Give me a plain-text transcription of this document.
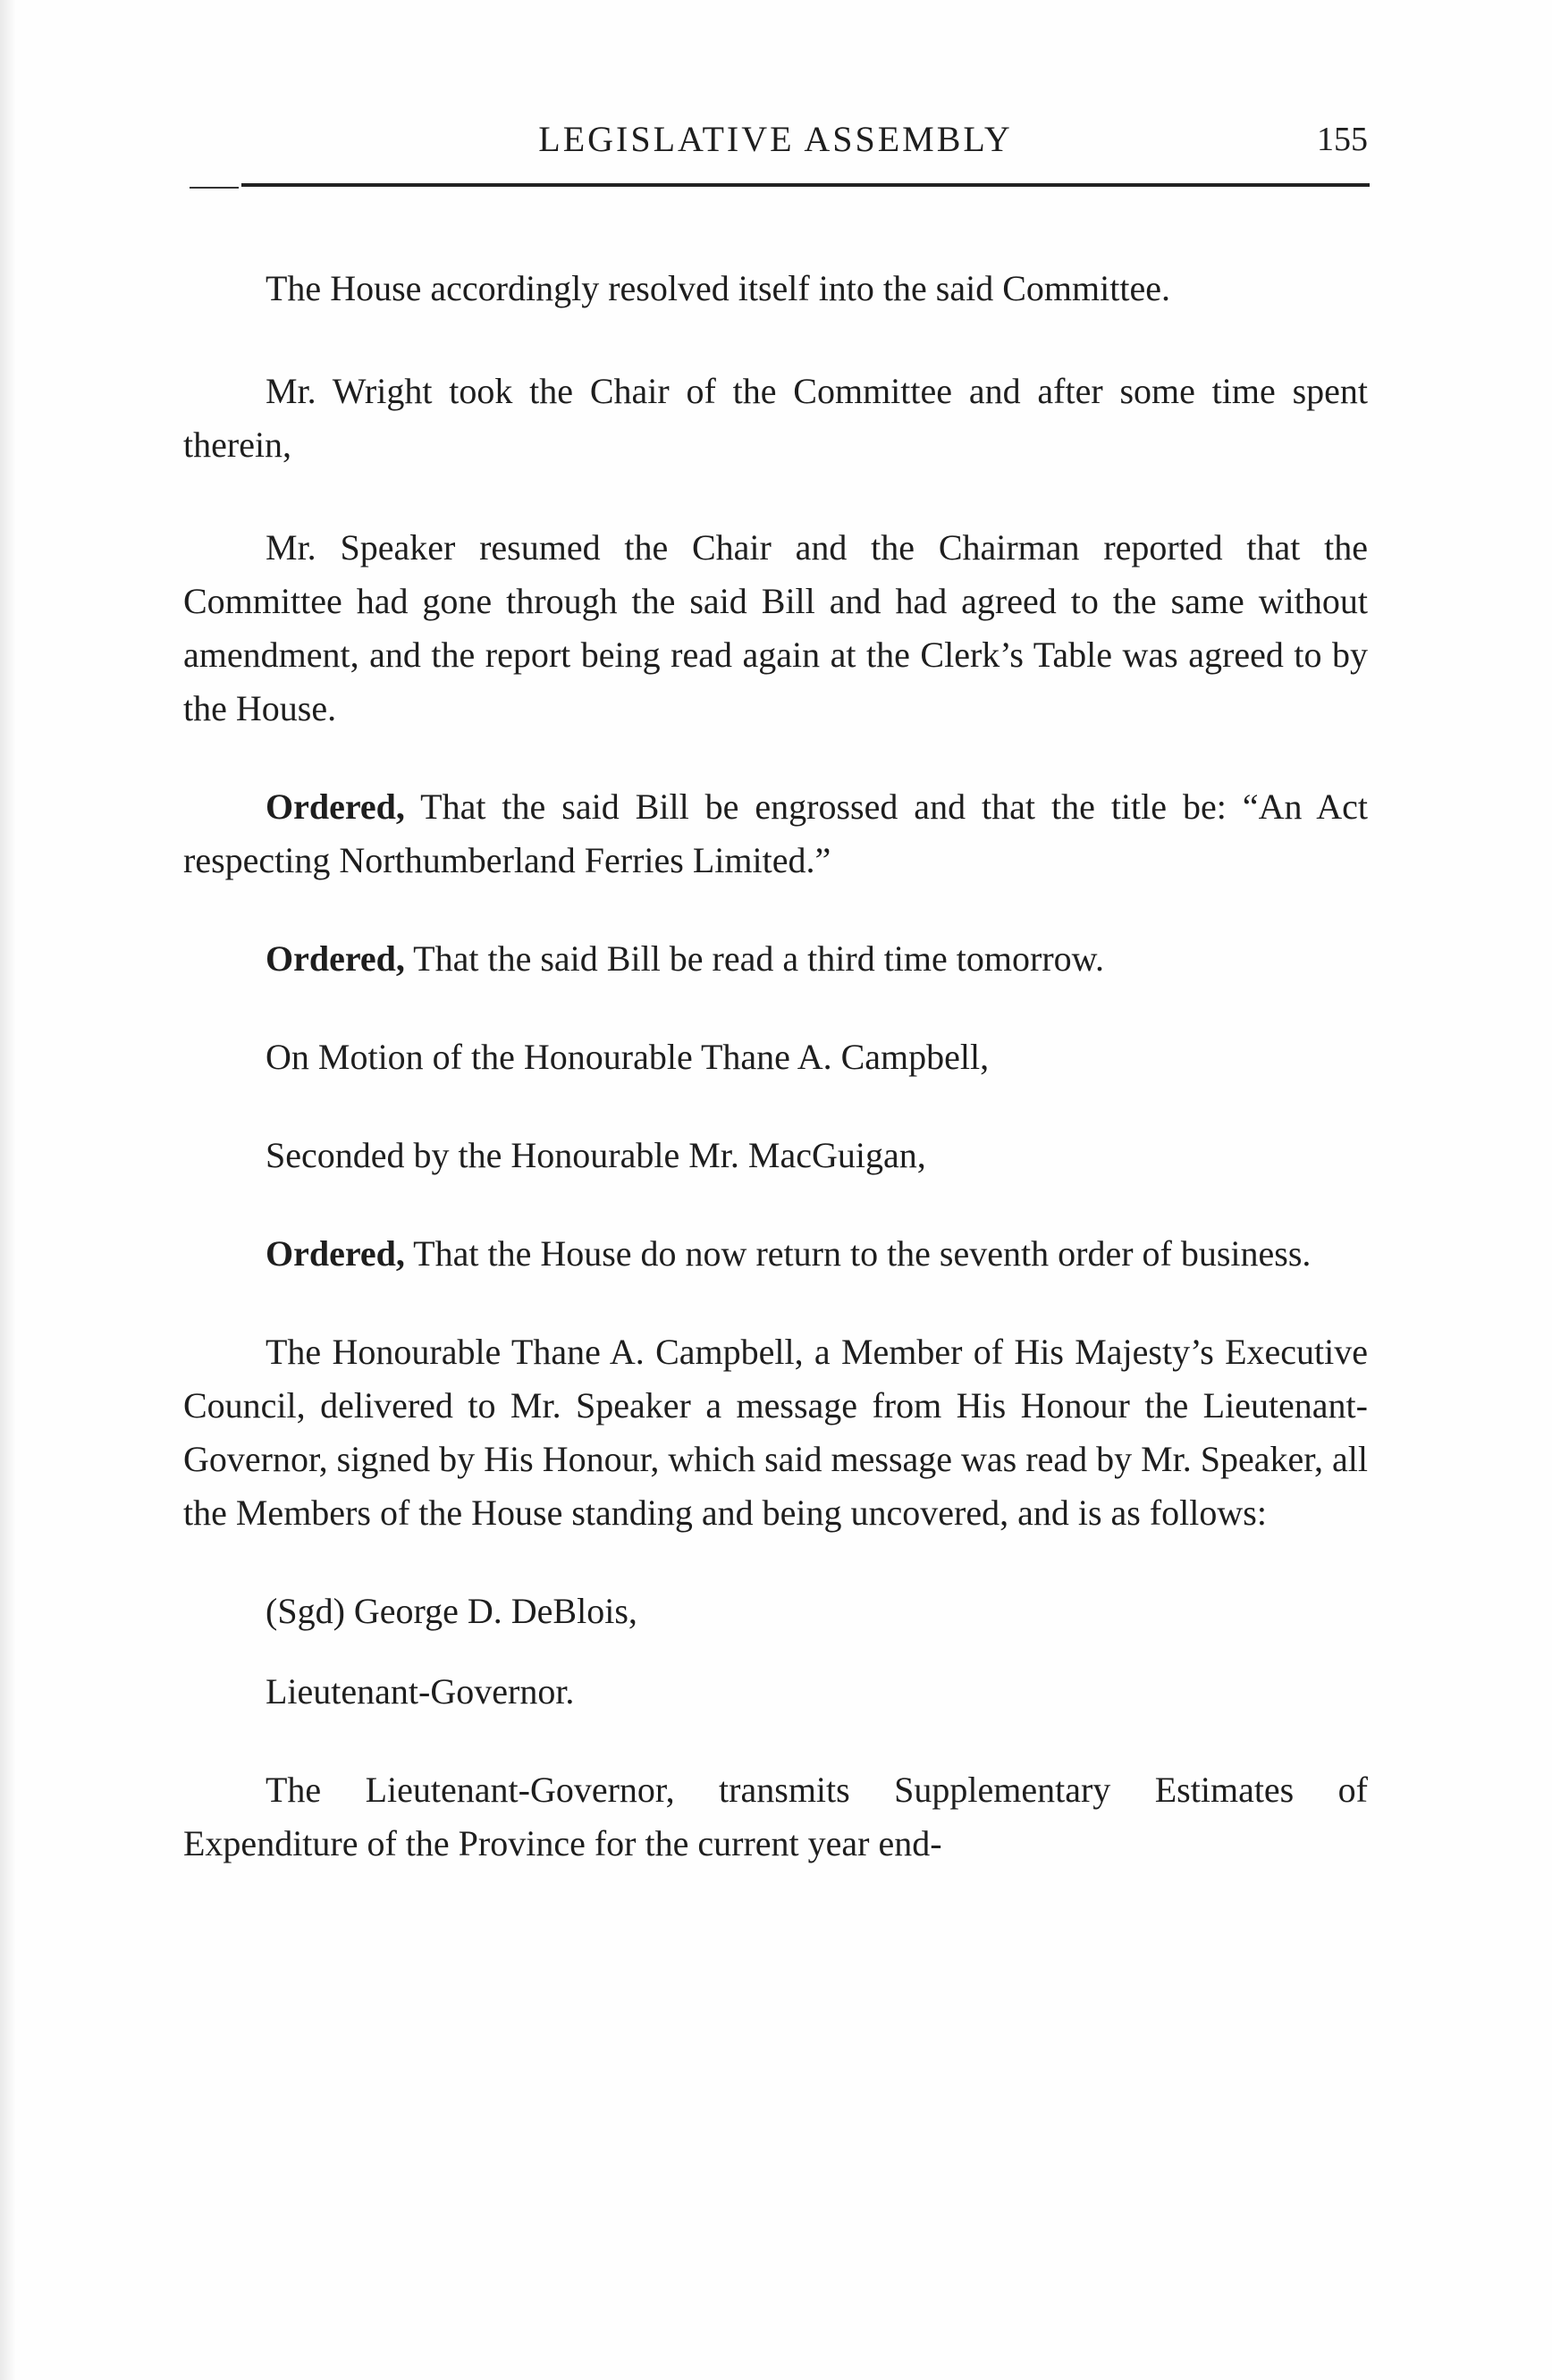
LEGISLATIVE ASSEMBLY	155

The House accordingly resolved itself into the said Committee.

Mr. Wright took the Chair of the Committee and after some time spent therein,

Mr. Speaker resumed the Chair and the Chairman reported that the Committee had gone through the said Bill and had agreed to the same without amendment, and the report being read again at the Clerk’s Table was agreed to by the House.

Ordered, That the said Bill be engrossed and that the title be: “An Act respecting Northumberland Ferries Limited.”

Ordered, That the said Bill be read a third time tomorrow.

On Motion of the Honourable Thane A. Campbell,

Seconded by the Honourable Mr. MacGuigan,

Ordered, That the House do now return to the seventh order of business.

The Honourable Thane A. Campbell, a Member of His Majesty’s Executive Council, delivered to Mr. Speaker a message from His Honour the Lieutenant-Governor, signed by His Honour, which said message was read by Mr. Speaker, all the Members of the House standing and being uncovered, and is as follows:

(Sgd) George D. DeBlois,

Lieutenant-Governor.

The Lieutenant-Governor, transmits Supplementary Estimates of Expenditure of the Province for the current year end-
